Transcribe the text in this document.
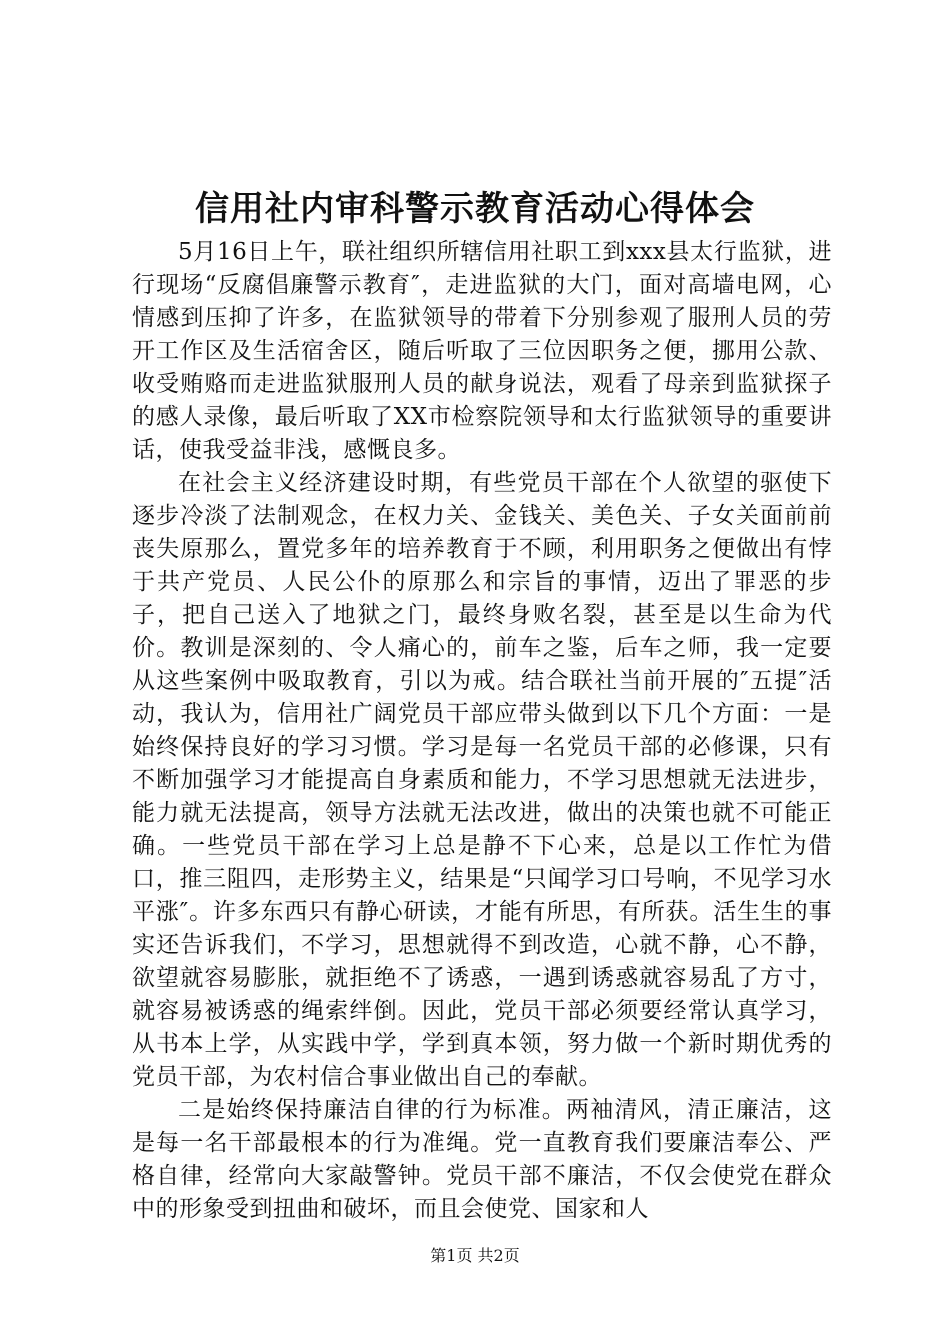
信用社内审科警示教育活动心得体会

5月16日上午，联社组织所辖信用社职工到xxx县太行监狱，进行现场“反腐倡廉警示教育″，走进监狱的大门，面对高墙电网，心情感到压抑了许多，在监狱领导的带着下分别参观了服刑人员的劳开工作区及生活宿舍区，随后听取了三位因职务之便，挪用公款、收受贿赂而走进监狱服刑人员的献身说法，观看了母亲到监狱探子的感人录像，最后听取了XX市检察院领导和太行监狱领导的重要讲话，使我受益非浅，感慨良多。

在社会主义经济建设时期，有些党员干部在个人欲望的驱使下逐步冷淡了法制观念，在权力关、金钱关、美色关、子女关面前前丧失原那么，置党多年的培养教育于不顾，利用职务之便做出有悖于共产党员、人民公仆的原那么和宗旨的事情，迈出了罪恶的步子，把自己送入了地狱之门，最终身败名裂，甚至是以生命为代价。教训是深刻的、令人痛心的，前车之鉴，后车之师，我一定要从这些案例中吸取教育，引以为戒。结合联社当前开展的″五提″活动，我认为，信用社广阔党员干部应带头做到以下几个方面：一是始终保持良好的学习习惯。学习是每一名党员干部的必修课，只有不断加强学习才能提高自身素质和能力，不学习思想就无法进步，能力就无法提高，领导方法就无法改进，做出的决策也就不可能正确。一些党员干部在学习上总是静不下心来，总是以工作忙为借口，推三阻四，走形势主义，结果是“只闻学习口号响，不见学习水平涨″。许多东西只有静心研读，才能有所思，有所获。活生生的事实还告诉我们，不学习，思想就得不到改造，心就不静，心不静，欲望就容易膨胀，就拒绝不了诱惑，一遇到诱惑就容易乱了方寸，就容易被诱惑的绳索绊倒。因此，党员干部必须要经常认真学习，从书本上学，从实践中学，学到真本领，努力做一个新时期优秀的党员干部，为农村信合事业做出自己的奉献。

二是始终保持廉洁自律的行为标准。两袖清风，清正廉洁，这是每一名干部最根本的行为准绳。党一直教育我们要廉洁奉公、严格自律，经常向大家敲警钟。党员干部不廉洁，不仅会使党在群众中的形象受到扭曲和破坏，而且会使党、国家和人

第1页 共2页
